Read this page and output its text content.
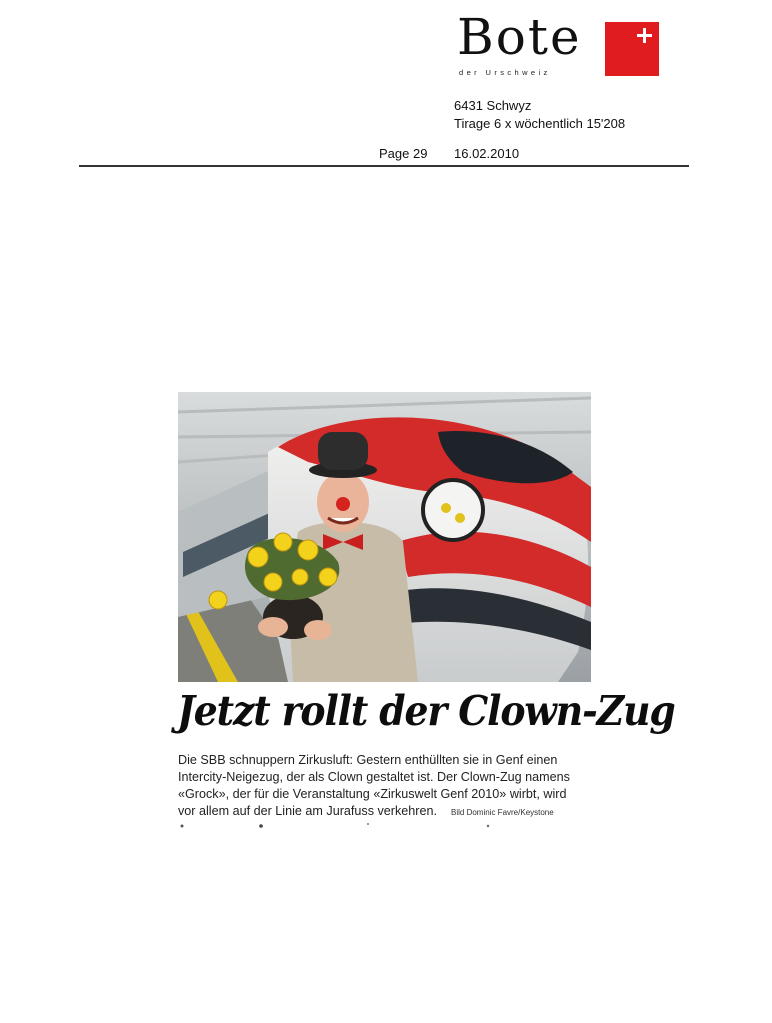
Bote
der Urschweiz
6431 Schwyz
Tirage 6 x wöchentlich 15'208
Page 29 16.02.2010
Jetzt rollt der Clown-Zug
Die SBB schnuppern Zirkusluft: Gestern enthüllten sie in Genf einen
Intercity-Neigezug, der als Clown gestaltet ist. Der Clown-Zug namens
«Grock», der für die Veranstaltung «Zirkuswelt Genf 2010» wirbt, wird
vor allem auf der Linie am Jurafuss verkehren. Bild Dominic Favre/Keystone
